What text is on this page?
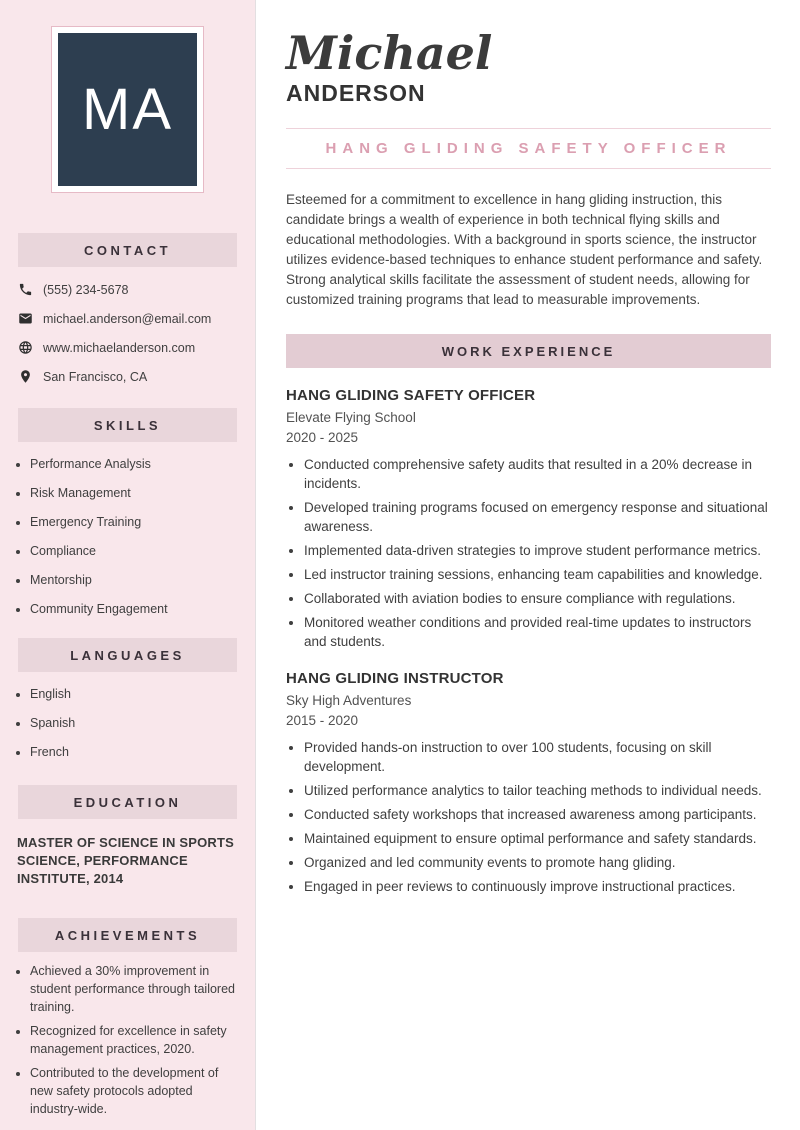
MA
CONTACT
(555) 234-5678
michael.anderson@email.com
www.michaelanderson.com
San Francisco, CA
SKILLS
• Performance Analysis
• Risk Management
• Emergency Training
• Compliance
• Mentorship
• Community Engagement
LANGUAGES
• English
• Spanish
• French
EDUCATION
MASTER OF SCIENCE IN SPORTS SCIENCE, PERFORMANCE INSTITUTE, 2014
ACHIEVEMENTS
• Achieved a 30% improvement in student performance through tailored training.
• Recognized for excellence in safety management practices, 2020.
• Contributed to the development of new safety protocols adopted industry-wide.
Michael
ANDERSON
HANG GLIDING SAFETY OFFICER

Esteemed for a commitment to excellence in hang gliding instruction, this candidate brings a wealth of experience in both technical flying skills and educational methodologies. With a background in sports science, the instructor utilizes evidence-based techniques to enhance student performance and safety. Strong analytical skills facilitate the assessment of student needs, allowing for customized training programs that lead to measurable improvements.

WORK EXPERIENCE
HANG GLIDING SAFETY OFFICER
Elevate Flying School
2020 - 2025
• Conducted comprehensive safety audits that resulted in a 20% decrease in incidents.
• Developed training programs focused on emergency response and situational awareness.
• Implemented data-driven strategies to improve student performance metrics.
• Led instructor training sessions, enhancing team capabilities and knowledge.
• Collaborated with aviation bodies to ensure compliance with regulations.
• Monitored weather conditions and provided real-time updates to instructors and students.
HANG GLIDING INSTRUCTOR
Sky High Adventures
2015 - 2020
• Provided hands-on instruction to over 100 students, focusing on skill development.
• Utilized performance analytics to tailor teaching methods to individual needs.
• Conducted safety workshops that increased awareness among participants.
• Maintained equipment to ensure optimal performance and safety standards.
• Organized and led community events to promote hang gliding.
• Engaged in peer reviews to continuously improve instructional practices.
